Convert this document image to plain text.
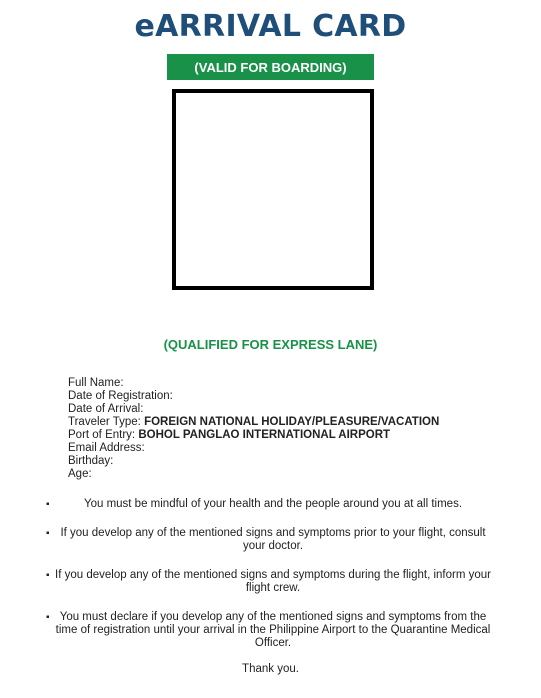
eARRIVAL CARD
(VALID FOR BOARDING)
(QUALIFIED FOR EXPRESS LANE)
Full Name:
Date of Registration:
Date of Arrival:
Traveler Type: FOREIGN NATIONAL HOLIDAY/PLEASURE/VACATION
Port of Entry: BOHOL PANGLAO INTERNATIONAL AIRPORT
Email Address:
Birthday:
Age:
▪	You must be mindful of your health and the people around you at all times.
▪ If you develop any of the mentioned signs and symptoms prior to your flight, consult your doctor.
▪ If you develop any of the mentioned signs and symptoms during the flight, inform your flight crew.
▪ You must declare if you develop any of the mentioned signs and symptoms from the time of registration until your arrival in the Philippine Airport to the Quarantine Medical Officer.
Thank you.
